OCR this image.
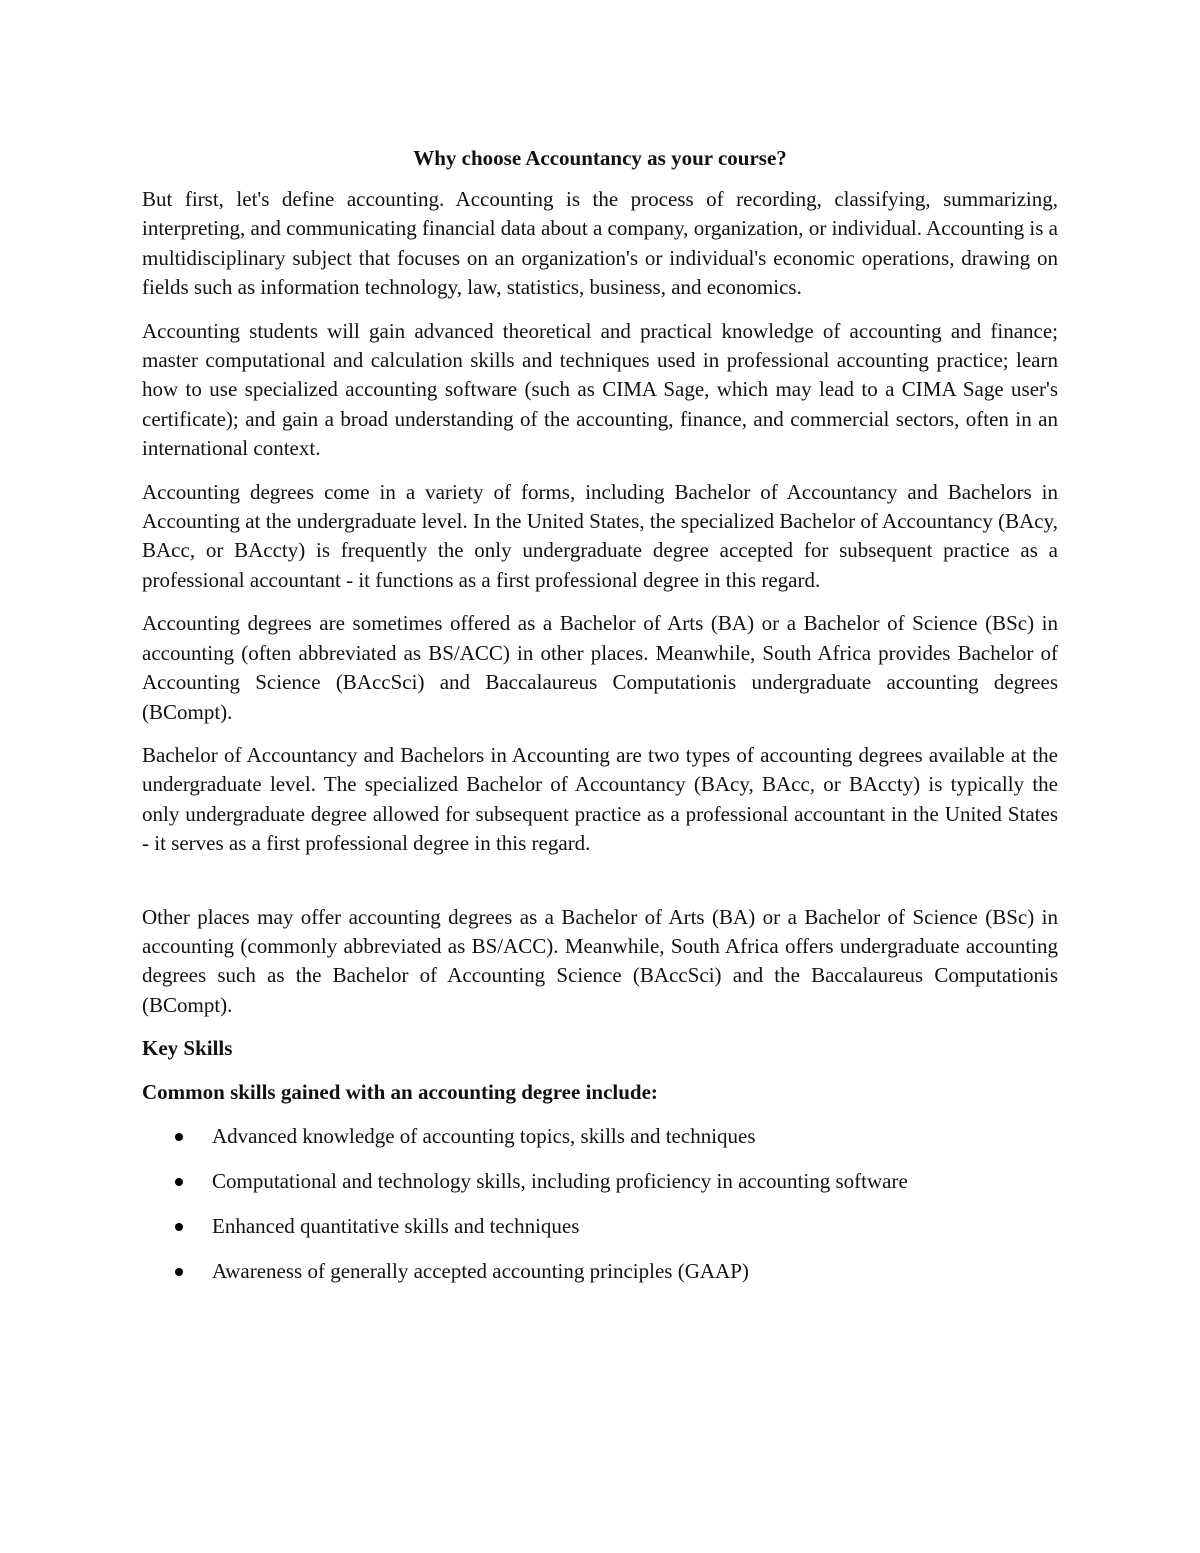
Why choose Accountancy as your course?

But first, let's define accounting. Accounting is the process of recording, classifying, summarizing, interpreting, and communicating financial data about a company, organization, or individual. Accounting is a multidisciplinary subject that focuses on an organization's or individual's economic operations, drawing on fields such as information technology, law, statistics, business, and economics.

Accounting students will gain advanced theoretical and practical knowledge of accounting and finance; master computational and calculation skills and techniques used in professional accounting practice; learn how to use specialized accounting software (such as CIMA Sage, which may lead to a CIMA Sage user's certificate); and gain a broad understanding of the accounting, finance, and commercial sectors, often in an international context.

Accounting degrees come in a variety of forms, including Bachelor of Accountancy and Bachelors in Accounting at the undergraduate level. In the United States, the specialized Bachelor of Accountancy (BAcy, BAcc, or BAccty) is frequently the only undergraduate degree accepted for subsequent practice as a professional accountant - it functions as a first professional degree in this regard.

Accounting degrees are sometimes offered as a Bachelor of Arts (BA) or a Bachelor of Science (BSc) in accounting (often abbreviated as BS/ACC) in other places. Meanwhile, South Africa provides Bachelor of Accounting Science (BAccSci) and Baccalaureus Computationis undergraduate accounting degrees (BCompt).

Bachelor of Accountancy and Bachelors in Accounting are two types of accounting degrees available at the undergraduate level. The specialized Bachelor of Accountancy (BAcy, BAcc, or BAccty) is typically the only undergraduate degree allowed for subsequent practice as a professional accountant in the United States - it serves as a first professional degree in this regard.

Other places may offer accounting degrees as a Bachelor of Arts (BA) or a Bachelor of Science (BSc) in accounting (commonly abbreviated as BS/ACC). Meanwhile, South Africa offers undergraduate accounting degrees such as the Bachelor of Accounting Science (BAccSci) and the Baccalaureus Computationis (BCompt).

Key Skills
Common skills gained with an accounting degree include:
Advanced knowledge of accounting topics, skills and techniques
Computational and technology skills, including proficiency in accounting software
Enhanced quantitative skills and techniques
Awareness of generally accepted accounting principles (GAAP)
